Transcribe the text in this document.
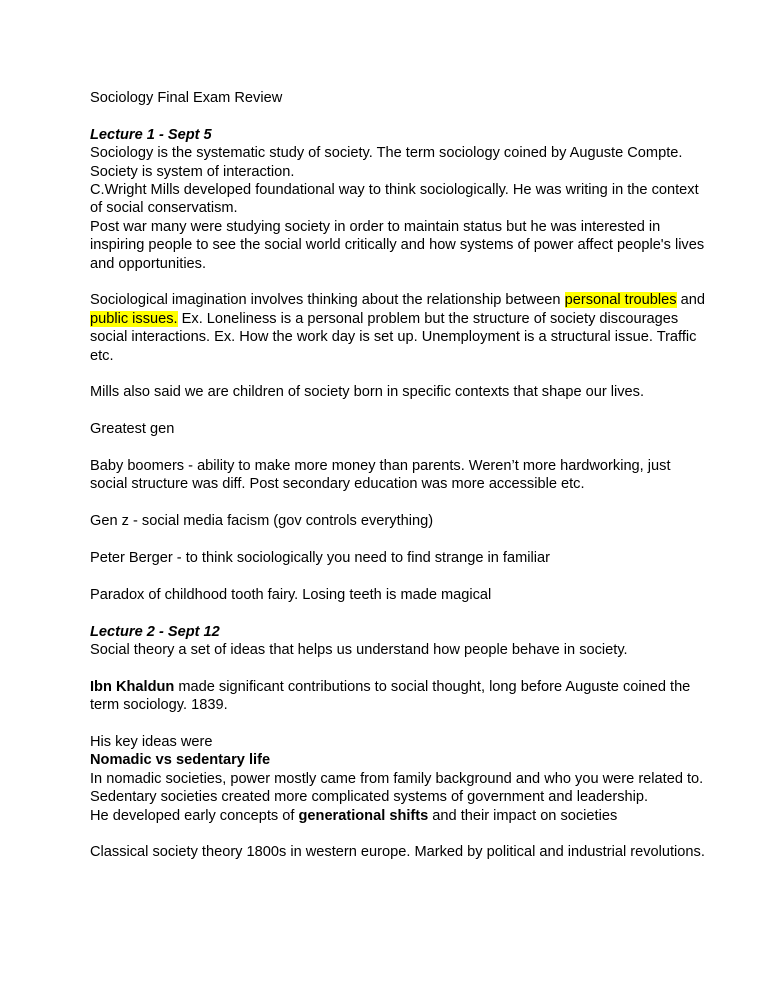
Sociology Final Exam Review

Lecture 1 - Sept 5

Sociology is the systematic study of society. The term sociology coined by Auguste Compte.

Society is system of interaction.

C.Wright Mills developed foundational way to think sociologically. He was writing in the context

of social conservatism.

Post war many were studying society in order to maintain status but he was interested in

inspiring people to see the social world critically and how systems of power affect people's lives

and opportunities.

Sociological imagination involves thinking about the relationship between personal troubles and

public issues. Ex. Loneliness is a personal problem but the structure of society discourages

social interactions. Ex. How the work day is set up. Unemployment is a structural issue. Traffic

etc.

Mills also said we are children of society born in specific contexts that shape our lives.

Greatest gen

Baby boomers - ability to make more money than parents. Weren’t more hardworking, just

social structure was diff. Post secondary education was more accessible etc.

Gen z - social media facism (gov controls everything)

Peter Berger - to think sociologically you need to find strange in familiar

Paradox of childhood tooth fairy. Losing teeth is made magical

Lecture 2 - Sept 12

Social theory a set of ideas that helps us understand how people behave in society.

Ibn Khaldun made significant contributions to social thought, long before Auguste coined the

term sociology. 1839.

His key ideas were

Nomadic vs sedentary life

In nomadic societies, power mostly came from family background and who you were related to.

Sedentary societies created more complicated systems of government and leadership.

He developed early concepts of generational shifts and their impact on societies

Classical society theory 1800s in western europe. Marked by political and industrial revolutions.
